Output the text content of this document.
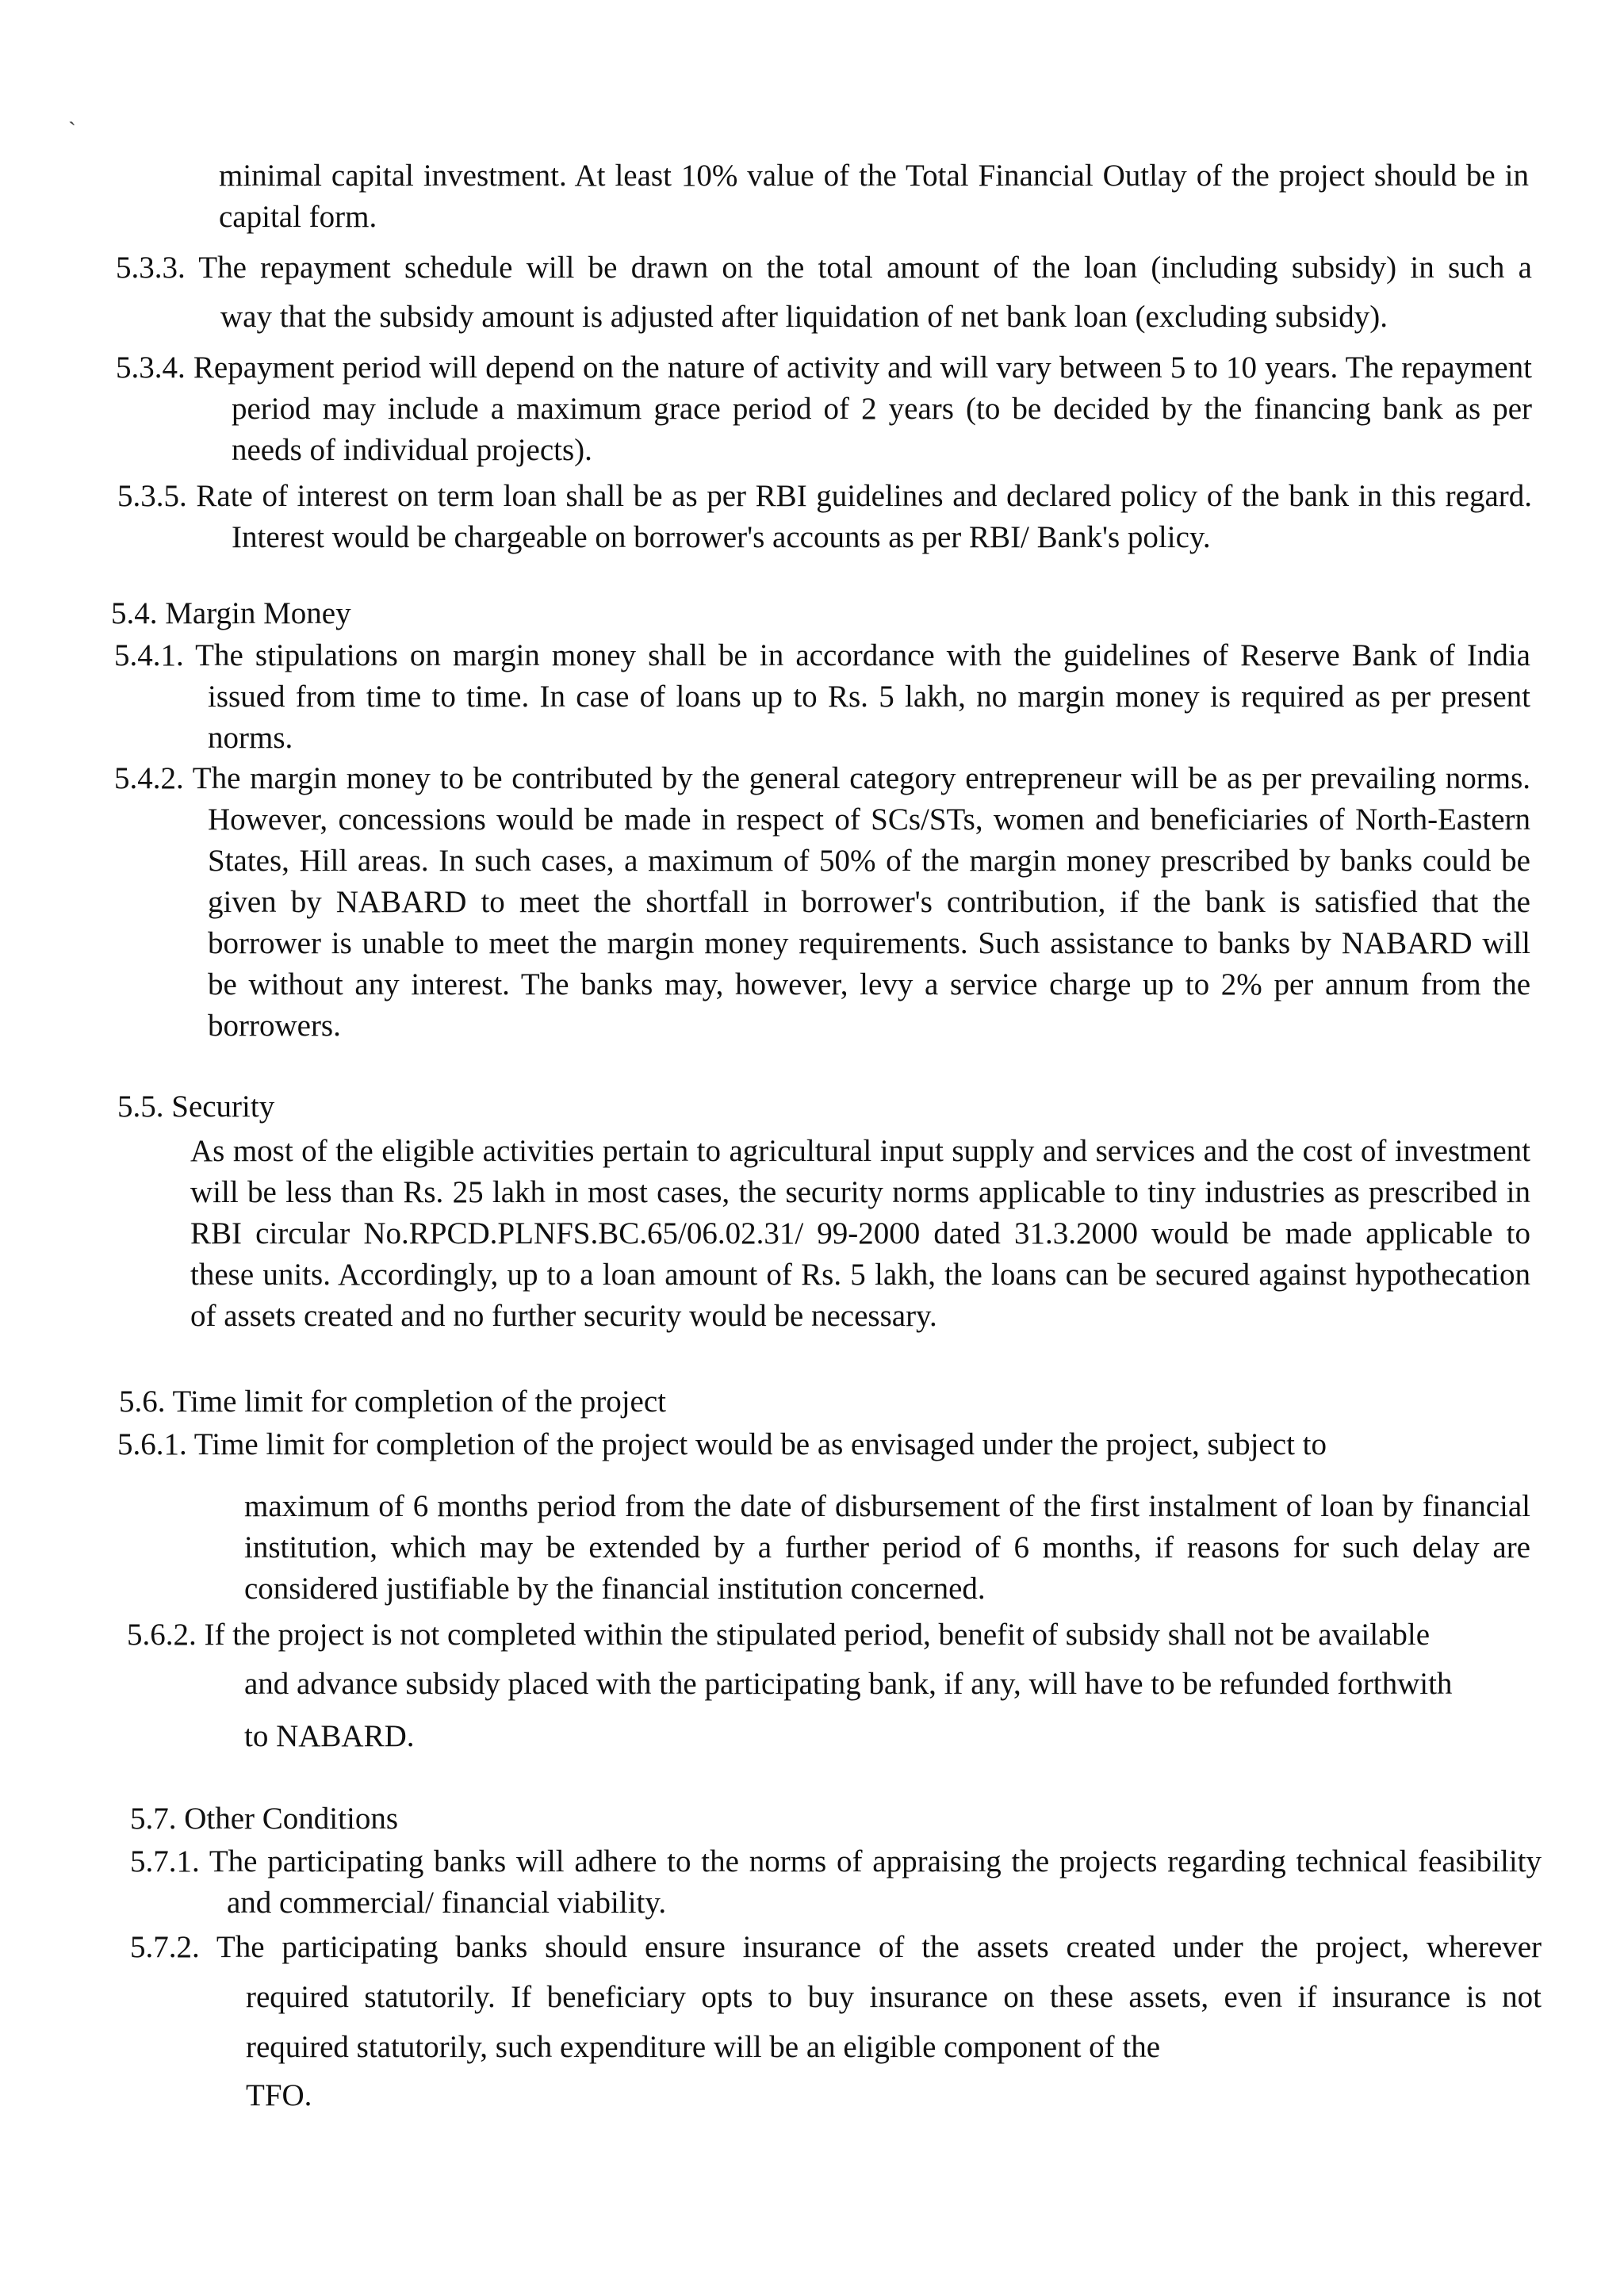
`

minimal capital investment. At least 10% value of the Total Financial Outlay of the project should be in capital form.

5.3.3. The repayment schedule will be drawn on the total amount of the loan (including subsidy) in such a

way that the subsidy amount is adjusted after liquidation of net bank loan (excluding subsidy).

5.3.4. Repayment period will depend on the nature of activity and will vary between 5 to 10 years. The repayment period may include a maximum grace period of 2 years (to be decided by the financing bank as per needs of individual projects).

5.3.5. Rate of interest on term loan shall be as per RBI guidelines and declared policy of the bank in this regard. Interest would be chargeable on borrower's accounts as per RBI/ Bank's policy.

5.4. Margin Money

5.4.1. The stipulations on margin money shall be in accordance with the guidelines of Reserve Bank of India issued from time to time. In case of loans up to Rs. 5 lakh, no margin money is required as per present norms.

5.4.2. The margin money to be contributed by the general category entrepreneur will be as per prevailing norms. However, concessions would be made in respect of SCs/STs, women and beneficiaries of North-Eastern States, Hill areas. In such cases, a maximum of 50% of the margin money prescribed by banks could be given by NABARD to meet the shortfall in borrower's contribution, if the bank is satisfied that the borrower is unable to meet the margin money requirements. Such assistance to banks by NABARD will be without any interest. The banks may, however, levy a service charge up to 2% per annum from the borrowers.

5.5. Security

As most of the eligible activities pertain to agricultural input supply and services and the cost of investment will be less than Rs. 25 lakh in most cases, the security norms applicable to tiny industries as prescribed in RBI circular No.RPCD.PLNFS.BC.65/06.02.31/ 99-2000 dated 31.3.2000 would be made applicable to these units. Accordingly, up to a loan amount of Rs. 5 lakh, the loans can be secured against hypothecation of assets created and no further security would be necessary.

5.6. Time limit for completion of the project

5.6.1. Time limit for completion of the project would be as envisaged under the project, subject to

maximum of 6 months period from the date of disbursement of the first instalment of loan by financial institution, which may be extended by a further period of 6 months, if reasons for such delay are considered justifiable by the financial institution concerned.

5.6.2. If the project is not completed within the stipulated period, benefit of subsidy shall not be available

and advance subsidy placed with the participating bank, if any, will have to be refunded forthwith

to NABARD.

5.7. Other Conditions

5.7.1. The participating banks will adhere to the norms of appraising the projects regarding technical feasibility and commercial/ financial viability.

5.7.2. The participating banks should ensure insurance of the assets created under the project, wherever

required statutorily. If beneficiary opts to buy insurance on these assets, even if insurance is not

required statutorily, such expenditure will be an eligible component of the

TFO.
